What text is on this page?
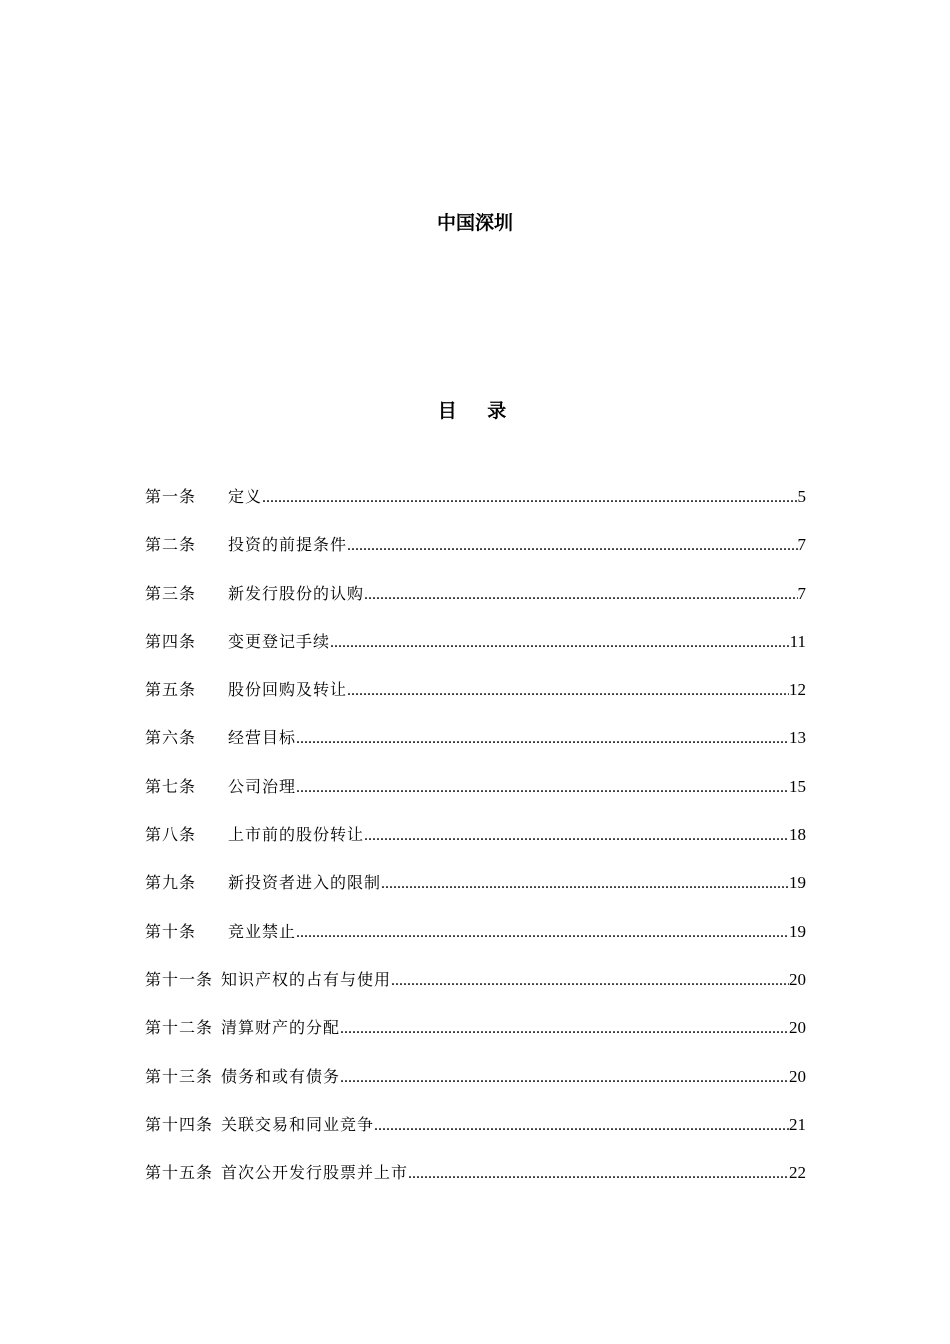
中国深圳
目 录
第一条	定义 .....	5
第二条	投资的前提条件 .....	7
第三条	新发行股份的认购 .....	7
第四条	变更登记手续 .....	11
第五条	股份回购及转让 .....	12
第六条	经营目标 .....	13
第七条	公司治理 .....	15
第八条	上市前的股份转让 .....	18
第九条	新投资者进入的限制 .....	19
第十条	竞业禁止 .....	19
第十一条 知识产权的占有与使用 .....	20
第十二条 清算财产的分配 .....	20
第十三条 债务和或有债务 .....	20
第十四条 关联交易和同业竞争 .....	21
第十五条 首次公开发行股票并上市 .....	22
